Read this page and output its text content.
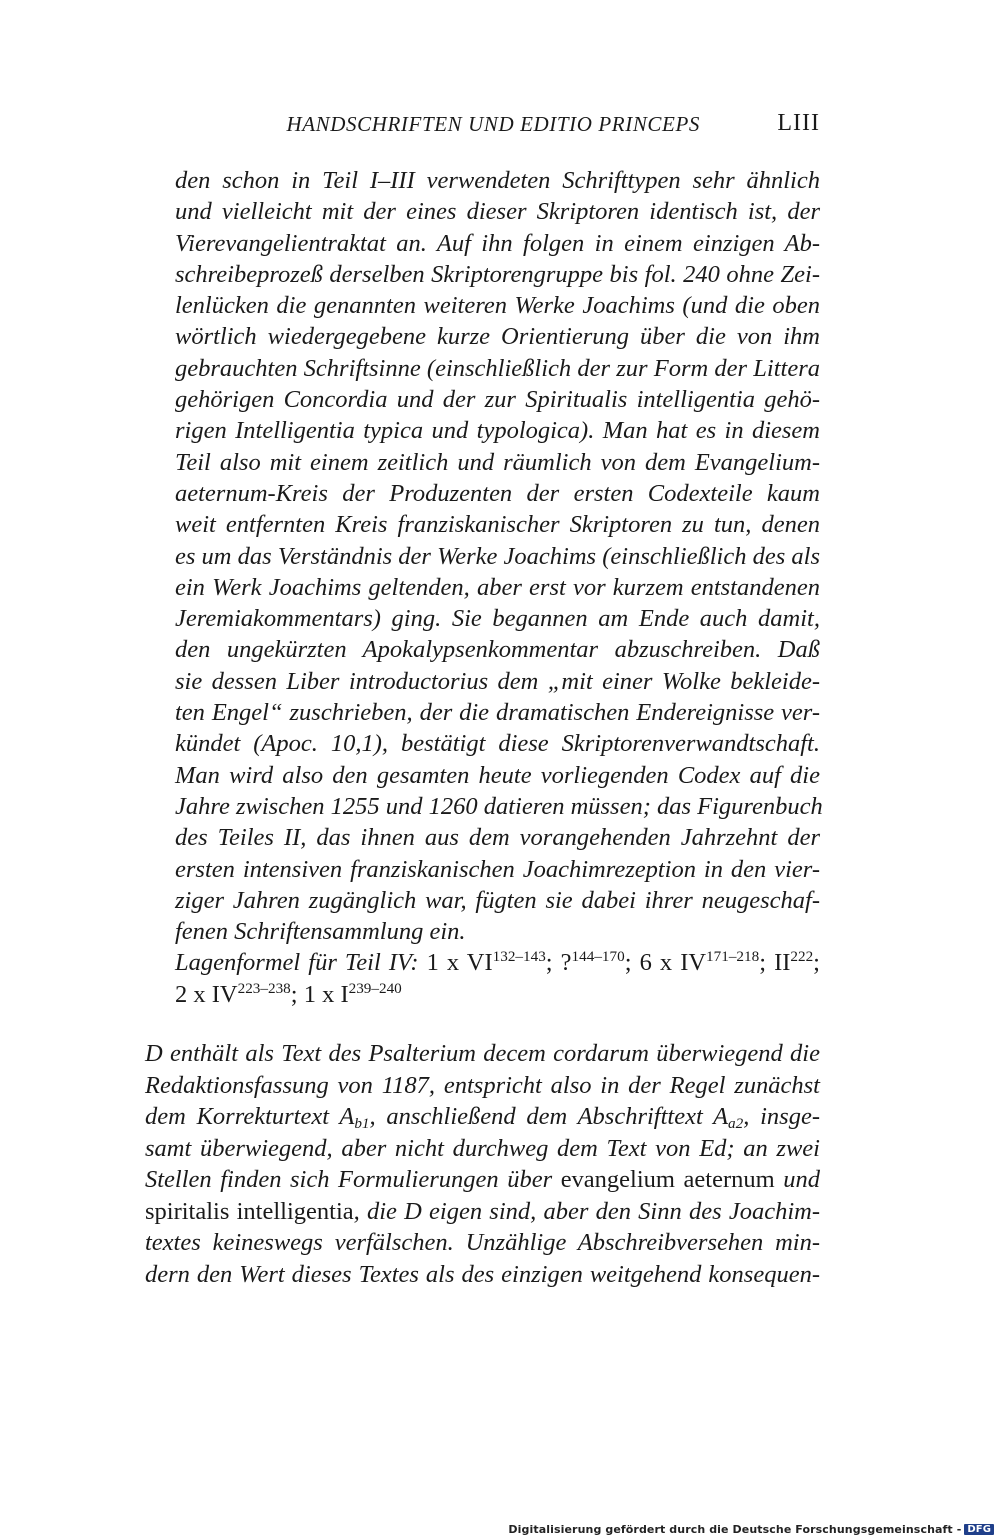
HANDSCHRIFTEN UND EDITIO PRINCEPS	LIII
den schon in Teil I–III verwendeten Schrifttypen sehr ähnlich
und vielleicht mit der eines dieser Skriptoren identisch ist, der
Vierevangelientraktat an. Auf ihn folgen in einem einzigen Ab-
schreibeprozeß derselben Skriptorengruppe bis fol. 240 ohne Zei-
lenlücken die genannten weiteren Werke Joachims (und die oben
wörtlich wiedergegebene kurze Orientierung über die von ihm
gebrauchten Schriftsinne (einschließlich der zur Form der Littera
gehörigen Concordia und der zur Spiritualis intelligentia gehö-
rigen Intelligentia typica und typologica). Man hat es in diesem
Teil also mit einem zeitlich und räumlich von dem Evangelium-
aeternum-Kreis der Produzenten der ersten Codexteile kaum
weit entfernten Kreis franziskanischer Skriptoren zu tun, denen
es um das Verständnis der Werke Joachims (einschließlich des als
ein Werk Joachims geltenden, aber erst vor kurzem entstandenen
Jeremiakommentars) ging. Sie begannen am Ende auch damit,
den ungekürzten Apokalypsenkommentar abzuschreiben. Daß
sie dessen Liber introductorius dem „mit einer Wolke bekleide-
ten Engel“ zuschrieben, der die dramatischen Endereignisse ver-
kündet (Apoc. 10,1), bestätigt diese Skriptorenverwandtschaft.
Man wird also den gesamten heute vorliegenden Codex auf die
Jahre zwischen 1255 und 1260 datieren müssen; das Figurenbuch
des Teiles II, das ihnen aus dem vorangehenden Jahrzehnt der
ersten intensiven franziskanischen Joachimrezeption in den vier-
ziger Jahren zugänglich war, fügten sie dabei ihrer neugeschaf-
fenen Schriftensammlung ein.
Lagenformel für Teil IV: 1 x VI$^{132-143}$; ?$^{144-170}$; 6 x IV$^{171-218}$; II$^{222}$;
2 x IV$^{223-238}$; 1 x $I^{239-240}$
D enthält als Text des Psalterium decem cordarum überwiegend die
Redaktionsfassung von 1187, entspricht also in der Regel zunächst
dem Korrekturtext $A_{b1}$, anschließend dem Abschrifttext $A_{a2}$, insge-
samt überwiegend, aber nicht durchweg dem Text von Ed; an zwei
Stellen finden sich Formulierungen über evangelium aeternum und
spiritalis intelligentia, die D eigen sind, aber den Sinn des Joachim-
textes keineswegs verfälschen. Unzählige Abschreibversehen min-
dern den Wert dieses Textes als des einzigen weitgehend konsequen-
Digitalisierung gefördert durch die Deutsche Forschungsgemeinschaft - DFG
